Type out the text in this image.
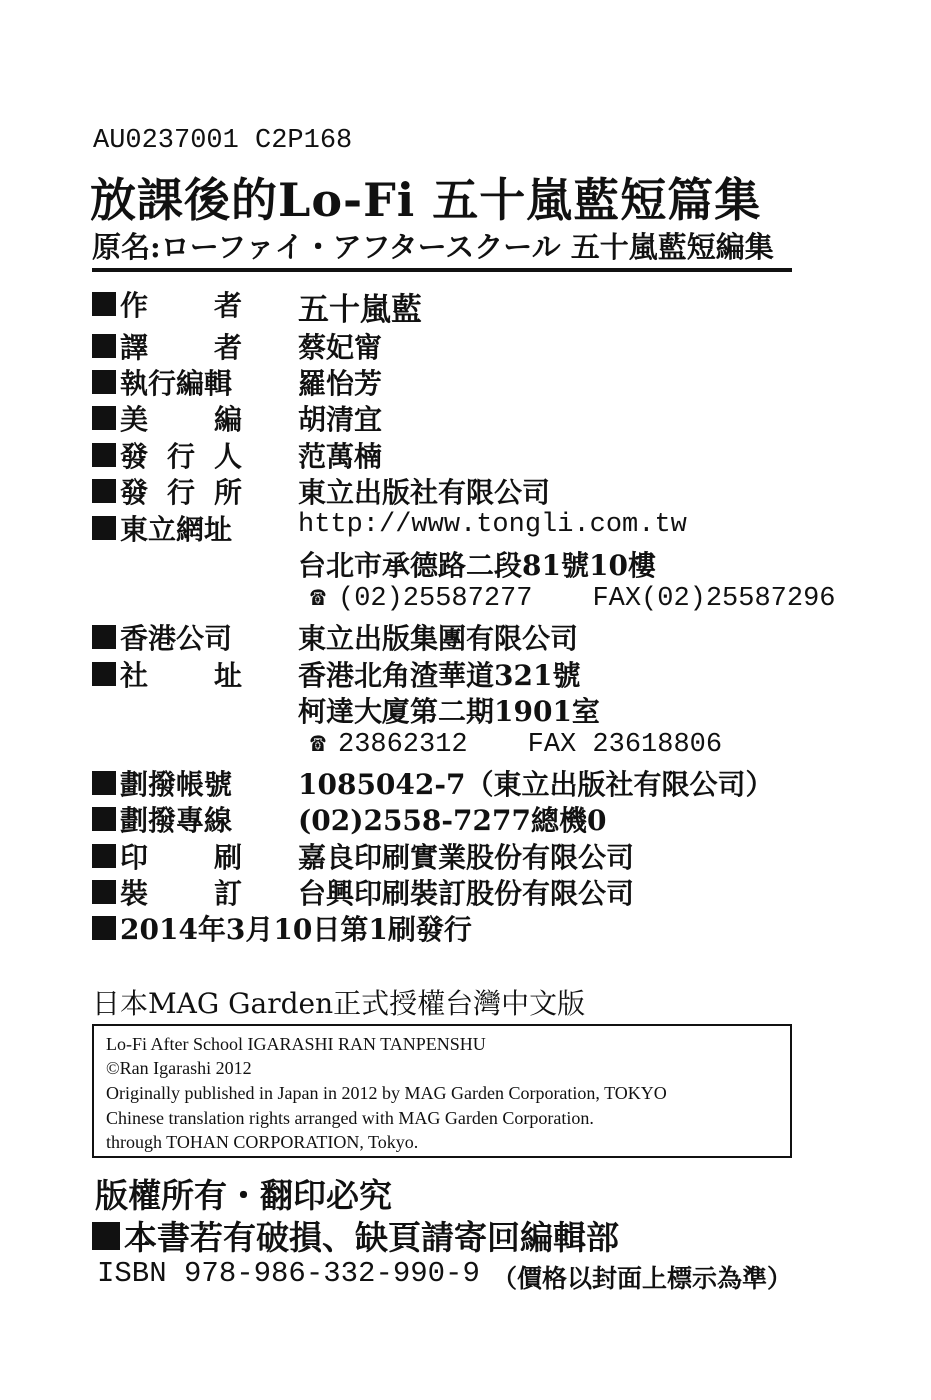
AU0237001 C2P168
放課後的Lo-Fi 五十嵐藍短篇集
原名:ローファイ・アフタースクール 五十嵐藍短編集
作 者 五十嵐藍
譯 者 蔡妃甯
執行編輯	羅怡芳
美 編 胡清宜
發 行 人 范萬楠
發 行 所 東立出版社有限公司
東立網址	http://www.tongli.com.tw
台北市承德路二段81號10樓
☎ (02)25587277 FAX(02)25587296
香港公司	東立出版集團有限公司
社 址 香港北角渣華道321號
柯達大廈第二期1901室
☎ 23862312 FAX 23618806
劃撥帳號	1085042-7（東立出版社有限公司）
劃撥專線	(02)2558-7277總機0
印 刷 嘉良印刷實業股份有限公司
裝 訂 台興印刷裝訂股份有限公司
2014年3月10日第1刷發行
日本MAG Garden正式授權台灣中文版
Lo-Fi After School IGARASHI RAN TANPENSHU
©Ran Igarashi 2012
Originally published in Japan in 2012 by MAG Garden Corporation, TOKYO
Chinese translation rights arranged with MAG Garden Corporation.
through TOHAN CORPORATION, Tokyo.
版權所有・翻印必究
本書若有破損、缺頁請寄回編輯部
ISBN 978-986-332-990-9 （價格以封面上標示為準）
